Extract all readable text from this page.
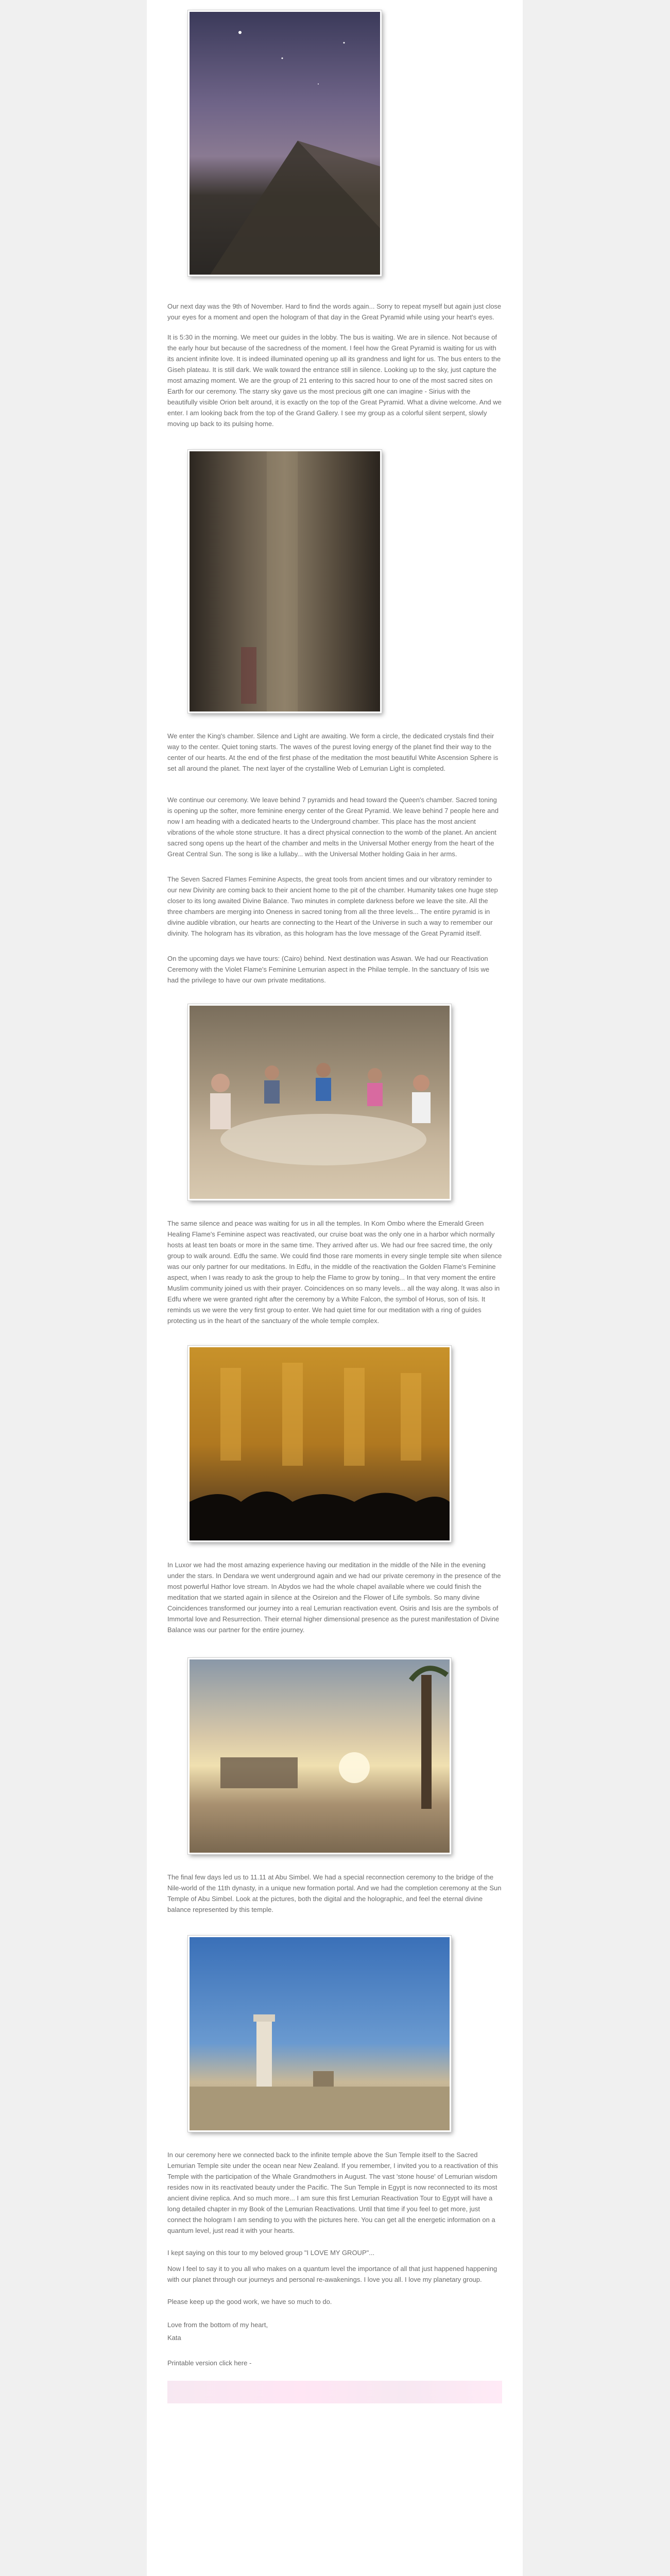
Our next day was the 9th of November. Hard to find the words again... Sorry to repeat myself but again just close your eyes for a moment and open the hologram of that day in the Great Pyramid while using your heart's eyes.

It is 5:30 in the morning. We meet our guides in the lobby. The bus is waiting. We are in silence. Not because of the early hour but because of the sacredness of the moment. I feel how the Great Pyramid is waiting for us with its ancient infinite love. It is indeed illuminated opening up all its grandness and light for us. The bus enters to the Giseh plateau. It is still dark. We walk toward the entrance still in silence. Looking up to the sky, just capture the most amazing moment. We are the group of 21 entering to this sacred hour to one of the most sacred sites on Earth for our ceremony. The starry sky gave us the most precious gift one can imagine - Sirius with the beautifully visible Orion belt around, it is exactly on the top of the Great Pyramid. What a divine welcome. And we enter. I am looking back from the top of the Grand Gallery. I see my group as a colorful silent serpent, slowly moving up back to its pulsing home.

We enter the King's chamber. Silence and Light are awaiting. We form a circle, the dedicated crystals find their way to the center. Quiet toning starts. The waves of the purest loving energy of the planet find their way to the center of our hearts. At the end of the first phase of the meditation the most beautiful White Ascension Sphere is set all around the planet. The next layer of the crystalline Web of Lemurian Light is completed.

We continue our ceremony. We leave behind 7 pyramids and head toward the Queen's chamber. Sacred toning is opening up the softer, more feminine energy center of the Great Pyramid. We leave behind 7 people here and now I am heading with a dedicated hearts to the Underground chamber. This place has the most ancient vibrations of the whole stone structure. It has a direct physical connection to the womb of the planet. An ancient sacred song opens up the heart of the chamber and melts in the Universal Mother energy from the heart of the Great Central Sun. The song is like a lullaby... with the Universal Mother holding Gaia in her arms.

The Seven Sacred Flames Feminine Aspects, the great tools from ancient times and our vibratory reminder to our new Divinity are coming back to their ancient home to the pit of the chamber. Humanity takes one huge step closer to its long awaited Divine Balance. Two minutes in complete darkness before we leave the site. All the three chambers are merging into Oneness in sacred toning from all the three levels... The entire pyramid is in divine audible vibration, our hearts are connecting to the Heart of the Universe in such a way to remember our divinity. The hologram has its vibration, as this hologram has the love message of the Great Pyramid itself.

On the upcoming days we have tours: (Cairo) behind. Next destination was Aswan. We had our Reactivation Ceremony with the Violet Flame's Feminine Lemurian aspect in the Philae temple. In the sanctuary of Isis we had the privilege to have our own private meditations.

The same silence and peace was waiting for us in all the temples. In Kom Ombo where the Emerald Green Healing Flame's Feminine aspect was reactivated, our cruise boat was the only one in a harbor which normally hosts at least ten boats or more in the same time. They arrived after us. We had our free sacred time, the only group to walk around. Edfu the same. We could find those rare moments in every single temple site when silence was our only partner for our meditations. In Edfu, in the middle of the reactivation the Golden Flame's Feminine aspect, when I was ready to ask the group to help the Flame to grow by toning... In that very moment the entire Muslim community joined us with their prayer. Coincidences on so many levels... all the way along. It was also in Edfu where we were granted right after the ceremony by a White Falcon, the symbol of Horus, son of Isis. It reminds us we were the very first group to enter. We had quiet time for our meditation with a ring of guides protecting us in the heart of the sanctuary of the whole temple complex.

In Luxor we had the most amazing experience having our meditation in the middle of the Nile in the evening under the stars. In Dendara we went underground again and we had our private ceremony in the presence of the most powerful Hathor love stream. In Abydos we had the whole chapel available where we could finish the meditation that we started again in silence at the Osireion and the Flower of Life symbols. So many divine Coincidences transformed our journey into a real Lemurian reactivation event. Osiris and Isis are the symbols of Immortal love and Resurrection. Their eternal higher dimensional presence as the purest manifestation of Divine Balance was our partner for the entire journey.

The final few days led us to 11.11 at Abu Simbel. We had a special reconnection ceremony to the bridge of the Nile-world of the 11th dynasty, in a unique new formation portal. And we had the completion ceremony at the Sun Temple of Abu Simbel. Look at the pictures, both the digital and the holographic, and feel the eternal divine balance represented by this temple.

In our ceremony here we connected back to the infinite temple above the Sun Temple itself to the Sacred Lemurian Temple site under the ocean near New Zealand. If you remember, I invited you to a reactivation of this Temple with the participation of the Whale Grandmothers in August. The vast 'stone house' of Lemurian wisdom resides now in its reactivated beauty under the Pacific. The Sun Temple in Egypt is now reconnected to its most ancient divine replica. And so much more... I am sure this first Lemurian Reactivation Tour to Egypt will have a long detailed chapter in my Book of the Lemurian Reactivations. Until that time if you feel to get more, just connect the hologram I am sending to you with the pictures here. You can get all the energetic information on a quantum level, just read it with your hearts.

I kept saying on this tour to my beloved group "I LOVE MY GROUP"...

Now I feel to say it to you all who makes on a quantum level the importance of all that just happened happening with our planet through our journeys and personal re-awakenings. I love you all. I love my planetary group.

Please keep up the good work, we have so much to do.

Love from the bottom of my heart,

Kata

Printable version click here -
